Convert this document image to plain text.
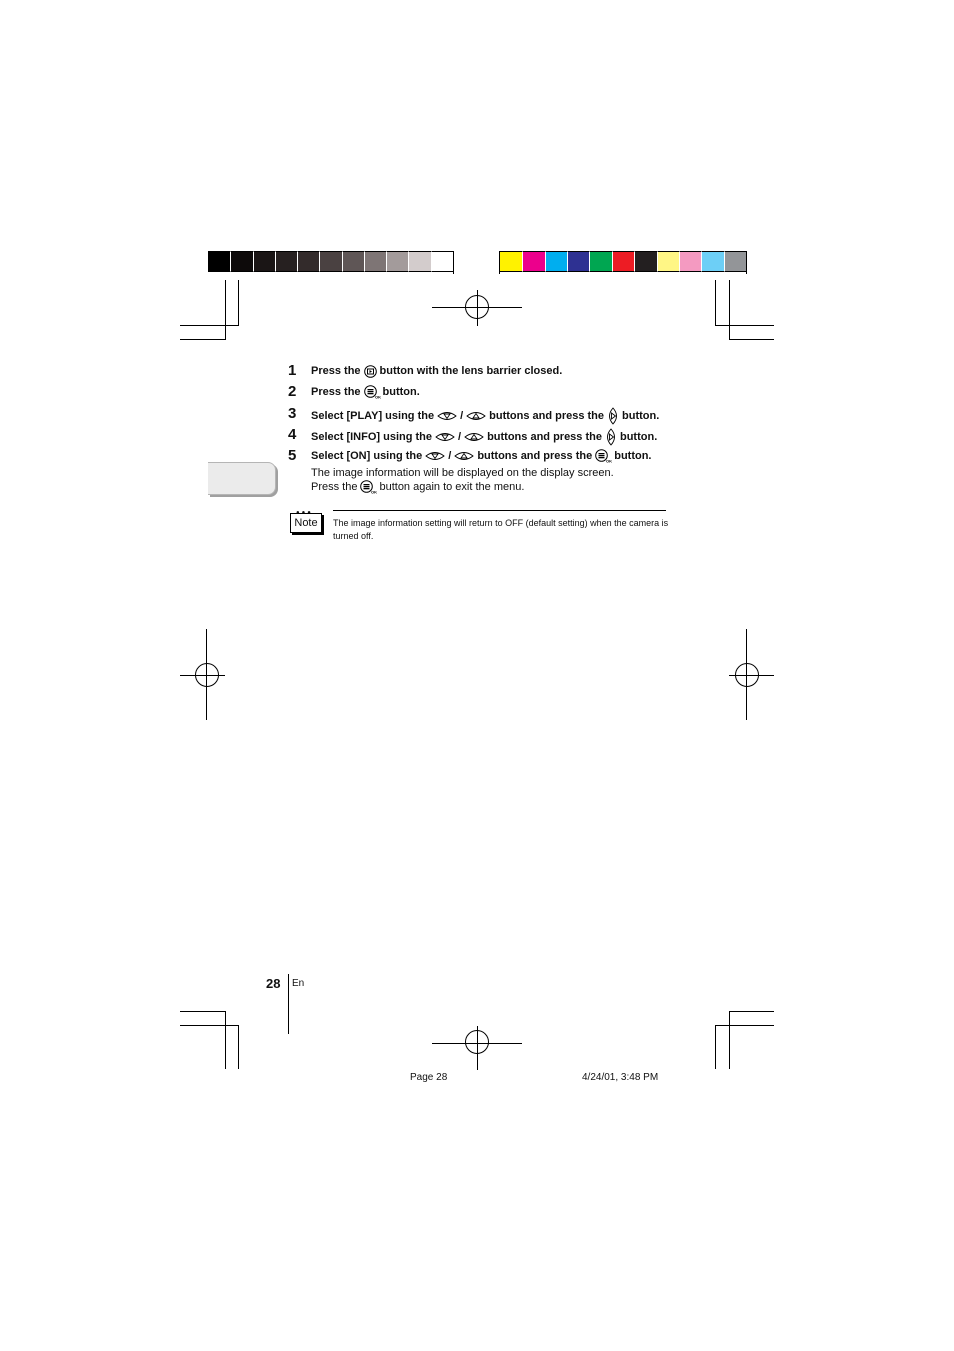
1 Press the button with the lens barrier closed.
2 Press the	OK button.
3 Select [PLAY] using the / buttons and press the button.
4 Select [INFO] using the / buttons and press the button.
5 Select [ON] using the / buttons and press the	OK button.
The image information will be displayed on the display screen.
Press the	OK button again to exit the menu.
Note	The image information setting will return to OFF (default setting) when the camera is turned off.
28 En
Page 28	4/24/01, 3:48 PM
